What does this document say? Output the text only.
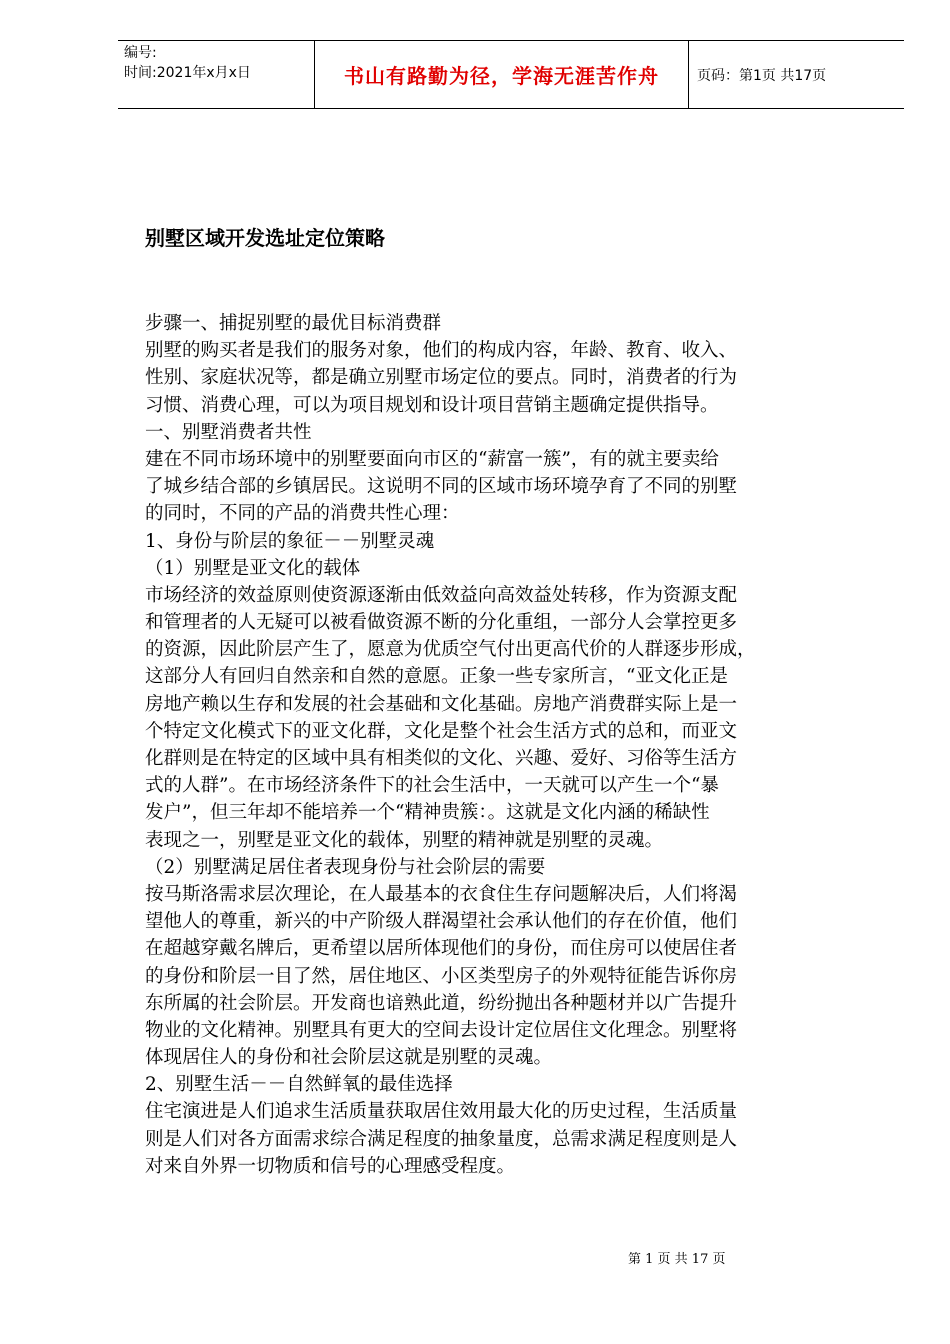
编号:
时间:2021年x月x日	书山有路勤为径，学海无涯苦作舟	页码：第1页 共17页
别墅区域开发选址定位策略
步骤一、捕捉别墅的最优目标消费群
别墅的购买者是我们的服务对象，他们的构成内容，年龄、教育、收入、
性别、家庭状况等，都是确立别墅市场定位的要点。同时，消费者的行为
习惯、消费心理，可以为项目规划和设计项目营销主题确定提供指导。
一、别墅消费者共性
建在不同市场环境中的别墅要面向市区的“薪富一簇”，有的就主要卖给
了城乡结合部的乡镇居民。这说明不同的区域市场环境孕育了不同的别墅
的同时，不同的产品的消费共性心理：
1、身份与阶层的象征－－别墅灵魂
（1）别墅是亚文化的载体
市场经济的效益原则使资源逐渐由低效益向高效益处转移，作为资源支配
和管理者的人无疑可以被看做资源不断的分化重组，一部分人会掌控更多
的资源，因此阶层产生了，愿意为优质空气付出更高代价的人群逐步形成，
这部分人有回归自然亲和自然的意愿。正象一些专家所言，“亚文化正是
房地产赖以生存和发展的社会基础和文化基础。房地产消费群实际上是一
个特定文化模式下的亚文化群，文化是整个社会生活方式的总和，而亚文
化群则是在特定的区域中具有相类似的文化、兴趣、爱好、习俗等生活方
式的人群”。在市场经济条件下的社会生活中，一天就可以产生一个“暴
发户”，但三年却不能培养一个“精神贵簇：。这就是文化内涵的稀缺性
表现之一，别墅是亚文化的载体，别墅的精神就是别墅的灵魂。
（2）别墅满足居住者表现身份与社会阶层的需要
按马斯洛需求层次理论，在人最基本的衣食住生存问题解决后，人们将渴
望他人的尊重，新兴的中产阶级人群渴望社会承认他们的存在价值，他们
在超越穿戴名牌后，更希望以居所体现他们的身份，而住房可以使居住者
的身份和阶层一目了然，居住地区、小区类型房子的外观特征能告诉你房
东所属的社会阶层。开发商也谙熟此道，纷纷抛出各种题材并以广告提升
物业的文化精神。别墅具有更大的空间去设计定位居住文化理念。别墅将
体现居住人的身份和社会阶层这就是别墅的灵魂。
2、别墅生活－－自然鲜氧的最佳选择
住宅演进是人们追求生活质量获取居住效用最大化的历史过程，生活质量
则是人们对各方面需求综合满足程度的抽象量度，总需求满足程度则是人
对来自外界一切物质和信号的心理感受程度。
第 1 页 共 17 页
